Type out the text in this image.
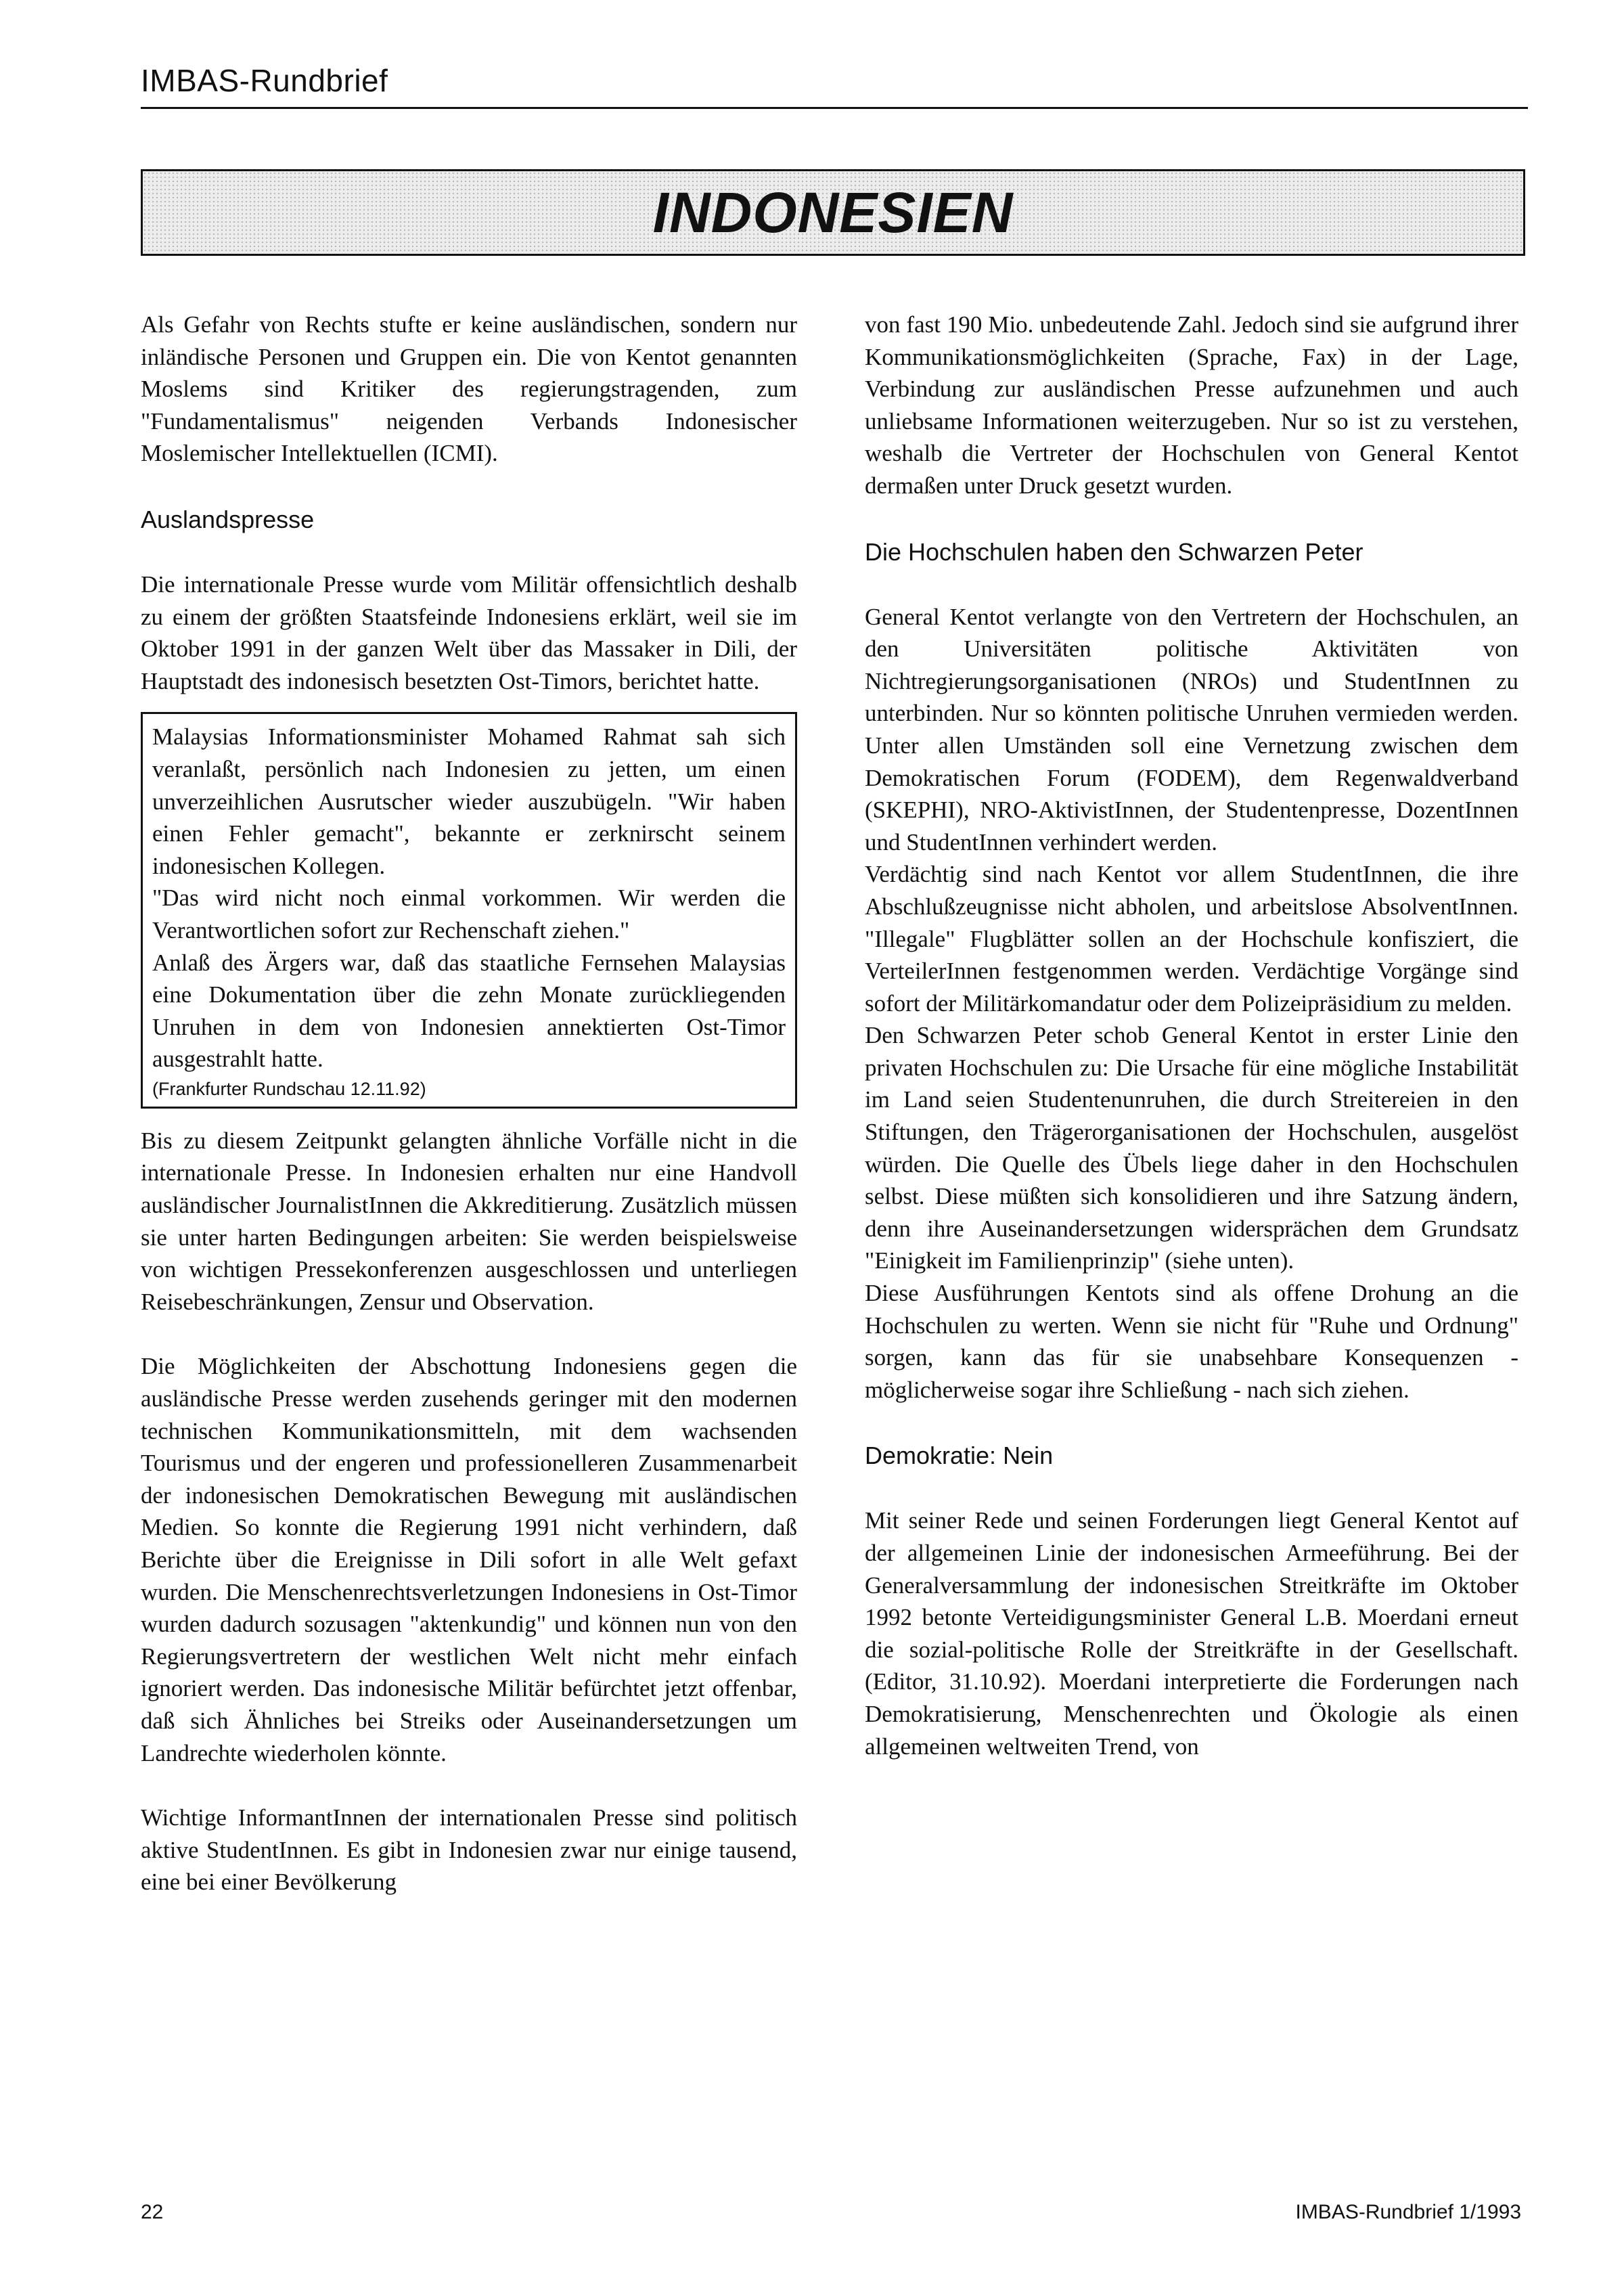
IMBAS-Rundbrief
INDONESIEN

Als Gefahr von Rechts stufte er keine ausländischen, sondern nur inländische Personen und Gruppen ein. Die von Kentot genannten Moslems sind Kritiker des regierungstragenden, zum "Fundamentalismus" neigenden Verbands Indonesischer Moslemischer Intellektuellen (ICMI).

Auslandspresse

Die internationale Presse wurde vom Militär offensichtlich deshalb zu einem der größten Staatsfeinde Indonesiens erklärt, weil sie im Oktober 1991 in der ganzen Welt über das Massaker in Dili, der Hauptstadt des indonesisch besetzten Ost-Timors, berichtet hatte.

Malaysias Informationsminister Mohamed Rahmat sah sich veranlaßt, persönlich nach Indonesien zu jetten, um einen unverzeihlichen Ausrutscher wieder auszubügeln. "Wir haben einen Fehler gemacht", bekannte er zerknirscht seinem indonesischen Kollegen.

"Das wird nicht noch einmal vorkommen. Wir werden die Verantwortlichen sofort zur Rechenschaft ziehen."

Anlaß des Ärgers war, daß das staatliche Fernsehen Malaysias eine Dokumentation über die zehn Monate zurückliegenden Unruhen in dem von Indonesien annektierten Ost-Timor ausgestrahlt hatte.

(Frankfurter Rundschau 12.11.92)

Bis zu diesem Zeitpunkt gelangten ähnliche Vorfälle nicht in die internationale Presse. In Indonesien erhalten nur eine Handvoll ausländischer JournalistInnen die Akkreditierung. Zusätzlich müssen sie unter harten Bedingungen arbeiten: Sie werden beispielsweise von wichtigen Pressekonferenzen ausgeschlossen und unterliegen Reisebeschränkungen, Zensur und Observation.

Die Möglichkeiten der Abschottung Indonesiens gegen die ausländische Presse werden zusehends geringer mit den modernen technischen Kommunikationsmitteln, mit dem wachsenden Tourismus und der engeren und professionelleren Zusammenarbeit der indonesischen Demokratischen Bewegung mit ausländischen Medien. So konnte die Regierung 1991 nicht verhindern, daß Berichte über die Ereignisse in Dili sofort in alle Welt gefaxt wurden. Die Menschenrechtsverletzungen Indonesiens in Ost-Timor wurden dadurch sozusagen "aktenkundig" und können nun von den Regierungsvertretern der westlichen Welt nicht mehr einfach ignoriert werden. Das indonesische Militär befürchtet jetzt offenbar, daß sich Ähnliches bei Streiks oder Auseinandersetzungen um Landrechte wiederholen könnte.

Wichtige InformantInnen der internationalen Presse sind politisch aktive StudentInnen. Es gibt in Indonesien zwar nur einige tausend, eine bei einer Bevölkerung

von fast 190 Mio. unbedeutende Zahl. Jedoch sind sie aufgrund ihrer Kommunikationsmöglichkeiten (Sprache, Fax) in der Lage, Verbindung zur ausländischen Presse aufzunehmen und auch unliebsame Informationen weiterzugeben. Nur so ist zu verstehen, weshalb die Vertreter der Hochschulen von General Kentot dermaßen unter Druck gesetzt wurden.

Die Hochschulen haben den Schwarzen Peter

General Kentot verlangte von den Vertretern der Hochschulen, an den Universitäten politische Aktivitäten von Nichtregierungsorganisationen (NROs) und StudentInnen zu unterbinden. Nur so könnten politische Unruhen vermieden werden. Unter allen Umständen soll eine Vernetzung zwischen dem Demokratischen Forum (FODEM), dem Regenwaldverband (SKEPHI), NRO-AktivistInnen, der Studentenpresse, DozentInnen und StudentInnen verhindert werden.

Verdächtig sind nach Kentot vor allem StudentInnen, die ihre Abschlußzeugnisse nicht abholen, und arbeitslose AbsolventInnen. "Illegale" Flugblätter sollen an der Hochschule konfisziert, die VerteilerInnen festgenommen werden. Verdächtige Vorgänge sind sofort der Militärkomandatur oder dem Polizeipräsidium zu melden.

Den Schwarzen Peter schob General Kentot in erster Linie den privaten Hochschulen zu: Die Ursache für eine mögliche Instabilität im Land seien Studentenunruhen, die durch Streitereien in den Stiftungen, den Trägerorganisationen der Hochschulen, ausgelöst würden. Die Quelle des Übels liege daher in den Hochschulen selbst. Diese müßten sich konsolidieren und ihre Satzung ändern, denn ihre Auseinandersetzungen widersprächen dem Grundsatz "Einigkeit im Familienprinzip" (siehe unten).

Diese Ausführungen Kentots sind als offene Drohung an die Hochschulen zu werten. Wenn sie nicht für "Ruhe und Ordnung" sorgen, kann das für sie unabsehbare Konsequenzen - möglicherweise sogar ihre Schließung - nach sich ziehen.

Demokratie: Nein

Mit seiner Rede und seinen Forderungen liegt General Kentot auf der allgemeinen Linie der indonesischen Armeeführung. Bei der Generalversammlung der indonesischen Streitkräfte im Oktober 1992 betonte Verteidigungsminister General L.B. Moerdani erneut die sozial-politische Rolle der Streitkräfte in der Gesellschaft. (Editor, 31.10.92). Moerdani interpretierte die Forderungen nach Demokratisierung, Menschenrechten und Ökologie als einen allgemeinen weltweiten Trend, von

22	IMBAS-Rundbrief 1/1993
